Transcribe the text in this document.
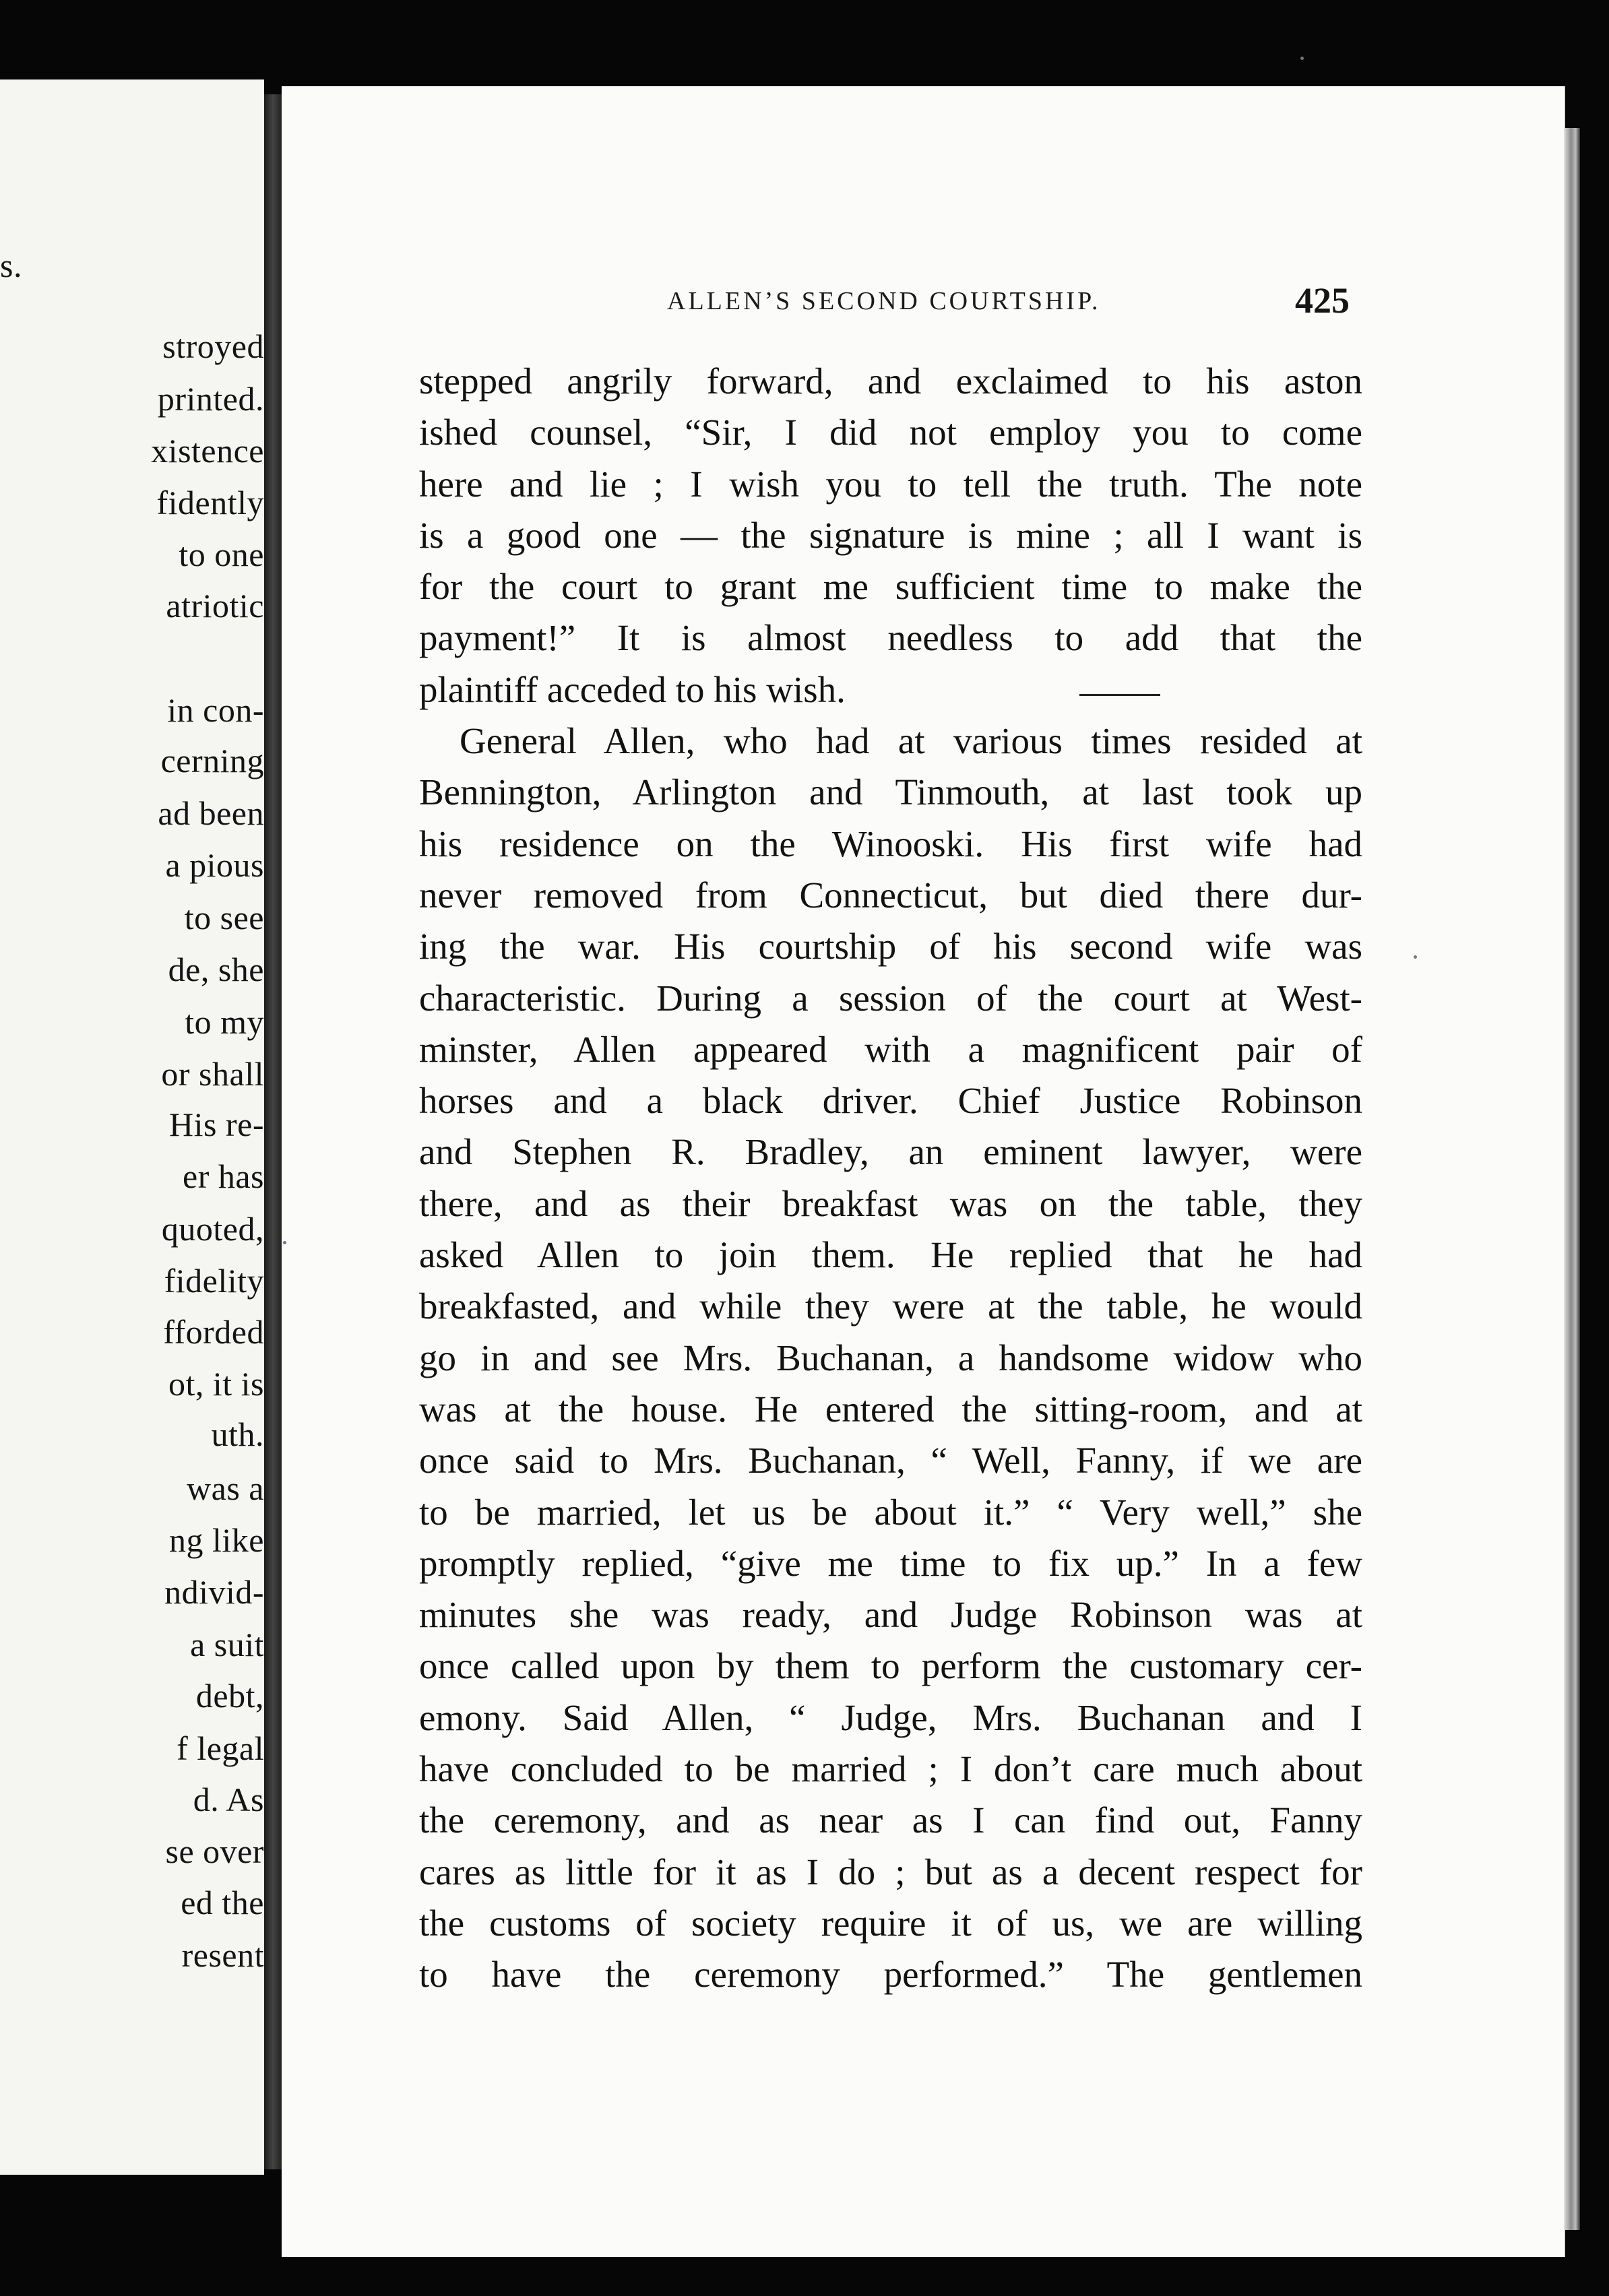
s.
stroyed
printed.
xistence
fidently
to one
atriotic
in con-
cerning
ad been
a pious
to see
de, she
to my
or shall
His re-
er has
quoted,
fidelity
fforded
ot, it is
uth.
was a
ng like
ndivid-
a suit
debt,
f legal
d. As
se over
ed the
resent
ALLEN’S SECOND COURTSHIP.	425
stepped angrily forward, and exclaimed to his aston
ished counsel, “Sir, I did not employ you to come
here and lie ; I wish you to tell the truth. The note
is a good one — the signature is mine ; all I want is
for the court to grant me sufficient time to make the
payment!” It is almost needless to add that the
plaintiff acceded to his wish.
General Allen, who had at various times resided at
Bennington, Arlington and Tinmouth, at last took up
his residence on the Winooski. His first wife had
never removed from Connecticut, but died there dur-
ing the war. His courtship of his second wife was
characteristic. During a session of the court at West-
minster, Allen appeared with a magnificent pair of
horses and a black driver. Chief Justice Robinson
and Stephen R. Bradley, an eminent lawyer, were
there, and as their breakfast was on the table, they
asked Allen to join them. He replied that he had
breakfasted, and while they were at the table, he would
go in and see Mrs. Buchanan, a handsome widow who
was at the house. He entered the sitting-room, and at
once said to Mrs. Buchanan, “ Well, Fanny, if we are
to be married, let us be about it.” “ Very well,” she
promptly replied, “give me time to fix up.” In a few
minutes she was ready, and Judge Robinson was at
once called upon by them to perform the customary cer-
emony. Said Allen, “ Judge, Mrs. Buchanan and I
have concluded to be married ; I don’t care much about
the ceremony, and as near as I can find out, Fanny
cares as little for it as I do ; but as a decent respect for
the customs of society require it of us, we are willing
to have the ceremony performed.” The gentlemen
